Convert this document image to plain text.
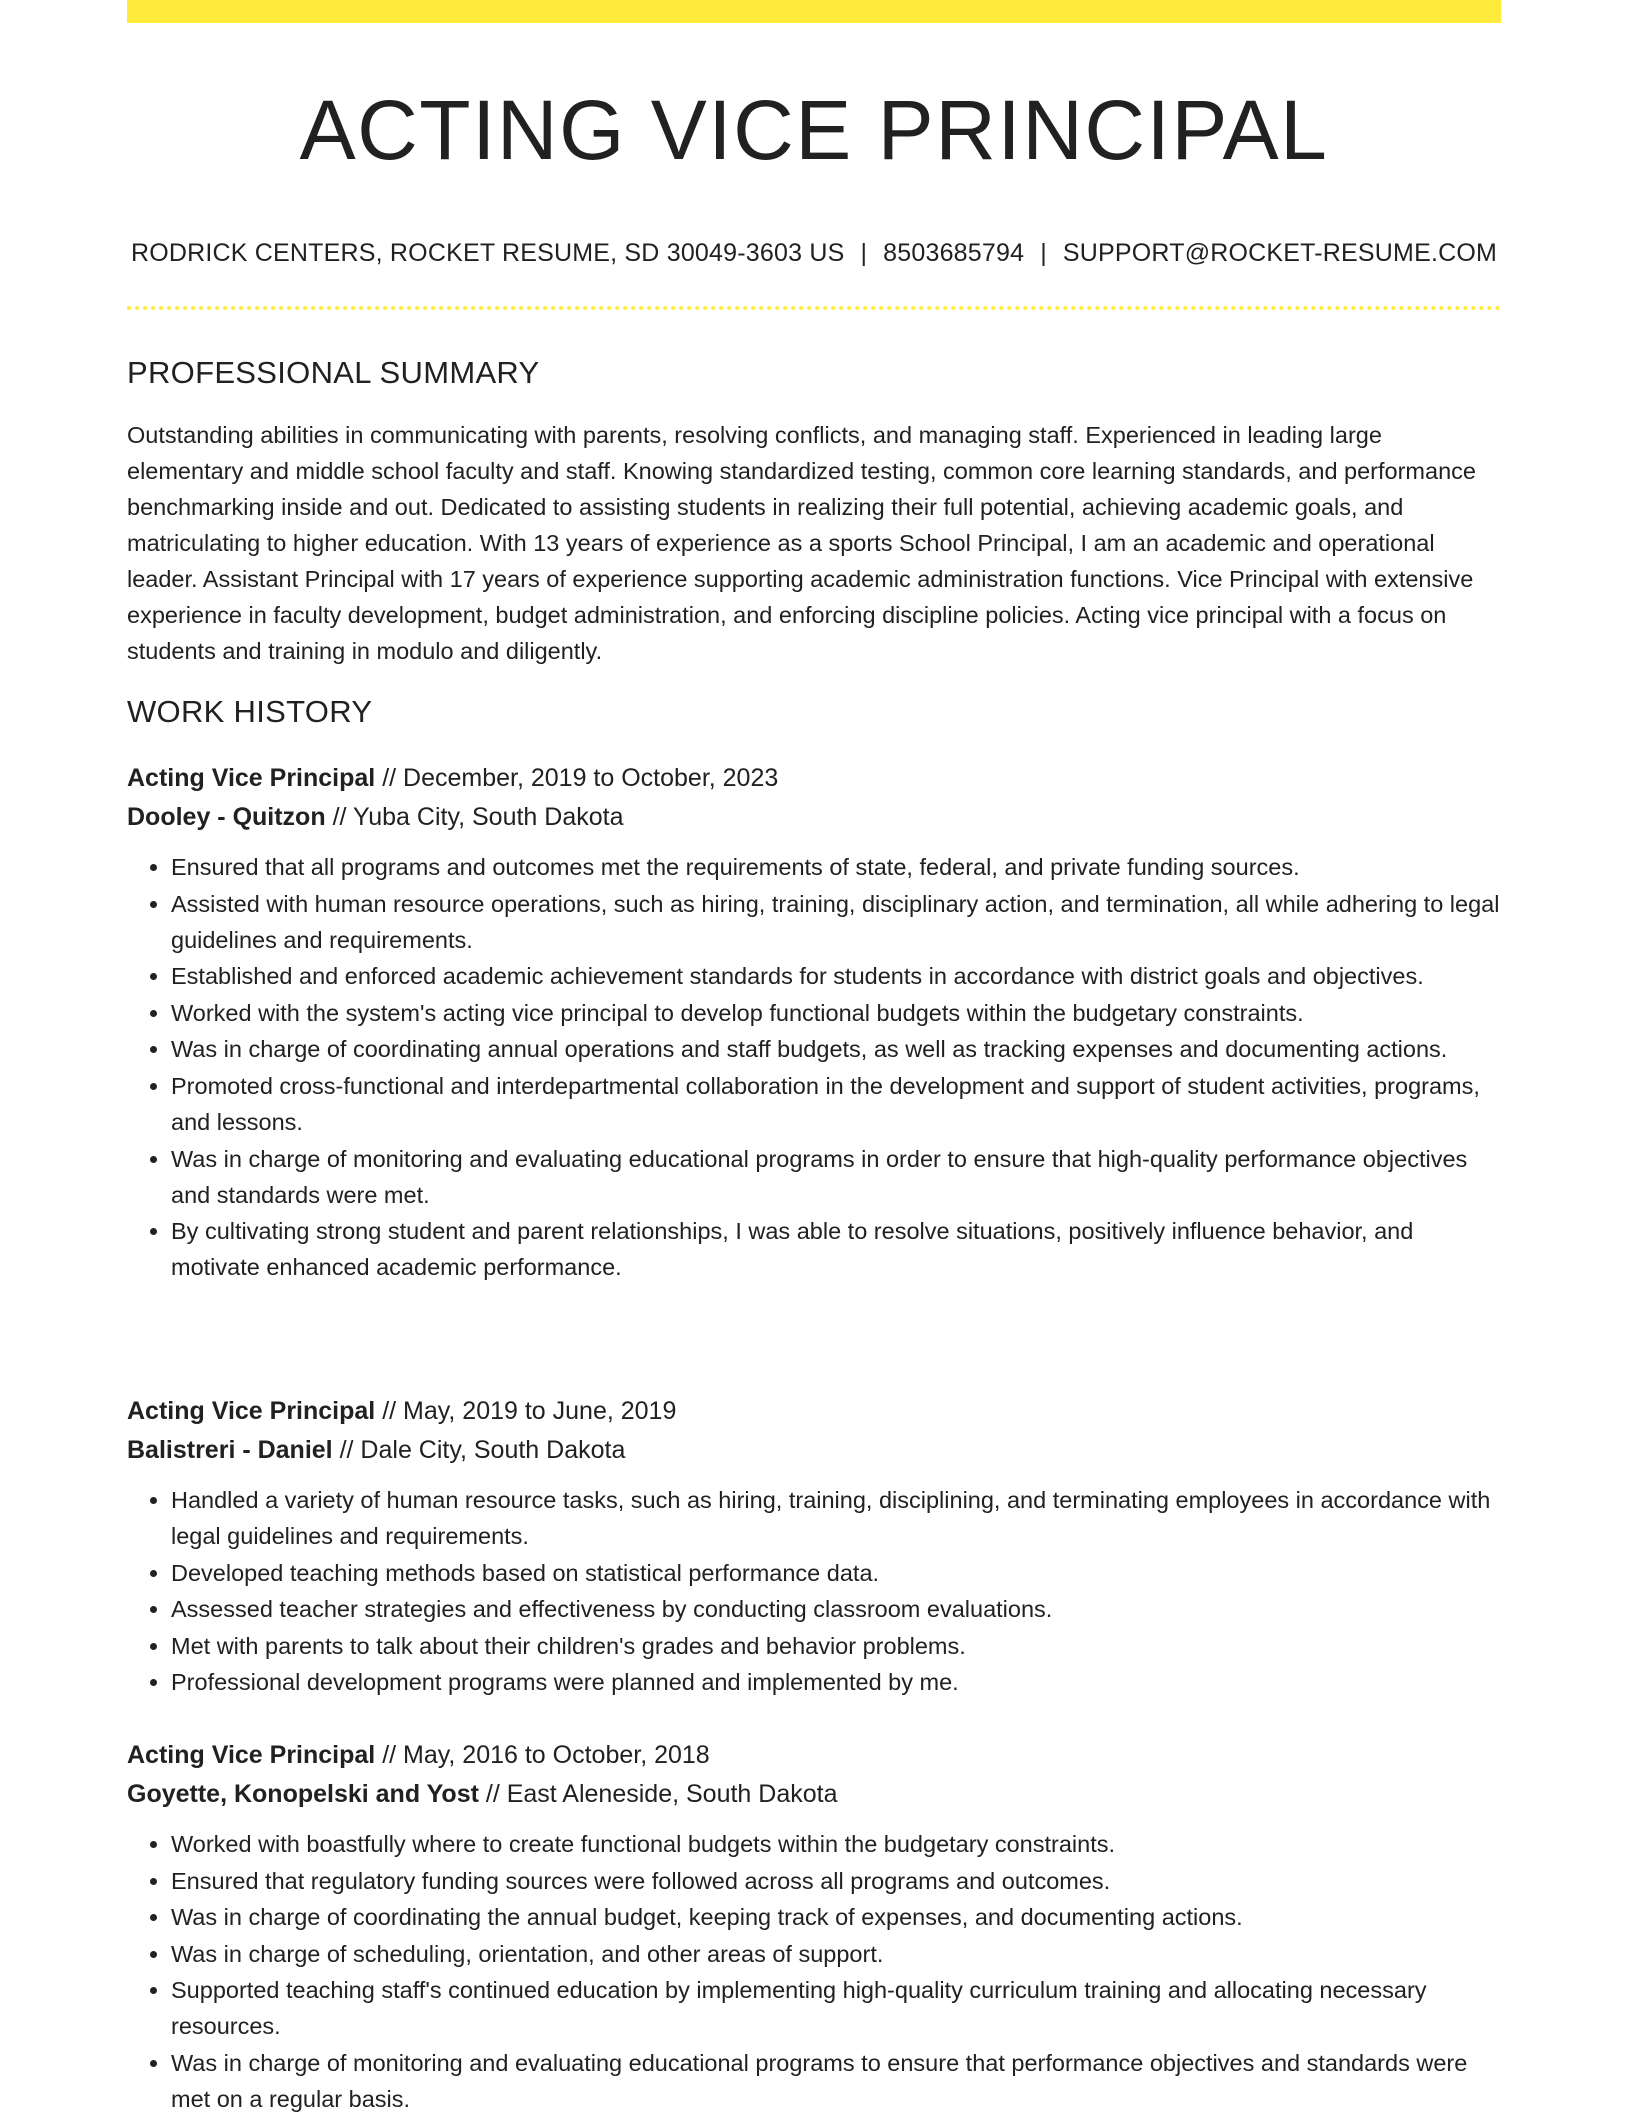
ACTING VICE PRINCIPAL
RODRICK CENTERS, ROCKET RESUME, SD 30049-3603 US | 8503685794 | SUPPORT@ROCKET-RESUME.COM
PROFESSIONAL SUMMARY

Outstanding abilities in communicating with parents, resolving conflicts, and managing staff. Experienced in leading large elementary and middle school faculty and staff. Knowing standardized testing, common core learning standards, and performance benchmarking inside and out. Dedicated to assisting students in realizing their full potential, achieving academic goals, and matriculating to higher education. With 13 years of experience as a sports School Principal, I am an academic and operational leader. Assistant Principal with 17 years of experience supporting academic administration functions. Vice Principal with extensive experience in faculty development, budget administration, and enforcing discipline policies. Acting vice principal with a focus on students and training in modulo and diligently.

WORK HISTORY
Acting Vice Principal // December, 2019 to October, 2023
Dooley - Quitzon // Yuba City, South Dakota
• Ensured that all programs and outcomes met the requirements of state, federal, and private funding sources.
• Assisted with human resource operations, such as hiring, training, disciplinary action, and termination, all while adhering to legal guidelines and requirements.
• Established and enforced academic achievement standards for students in accordance with district goals and objectives.
• Worked with the system's acting vice principal to develop functional budgets within the budgetary constraints.
• Was in charge of coordinating annual operations and staff budgets, as well as tracking expenses and documenting actions.
• Promoted cross-functional and interdepartmental collaboration in the development and support of student activities, programs, and lessons.
• Was in charge of monitoring and evaluating educational programs in order to ensure that high-quality performance objectives and standards were met.
• By cultivating strong student and parent relationships, I was able to resolve situations, positively influence behavior, and motivate enhanced academic performance.
Acting Vice Principal // May, 2019 to June, 2019
Balistreri - Daniel // Dale City, South Dakota
• Handled a variety of human resource tasks, such as hiring, training, disciplining, and terminating employees in accordance with legal guidelines and requirements.
• Developed teaching methods based on statistical performance data.
• Assessed teacher strategies and effectiveness by conducting classroom evaluations.
• Met with parents to talk about their children's grades and behavior problems.
• Professional development programs were planned and implemented by me.
Acting Vice Principal // May, 2016 to October, 2018
Goyette, Konopelski and Yost // East Aleneside, South Dakota
• Worked with boastfully where to create functional budgets within the budgetary constraints.
• Ensured that regulatory funding sources were followed across all programs and outcomes.
• Was in charge of coordinating the annual budget, keeping track of expenses, and documenting actions.
• Was in charge of scheduling, orientation, and other areas of support.
• Supported teaching staff's continued education by implementing high-quality curriculum training and allocating necessary resources.
• Was in charge of monitoring and evaluating educational programs to ensure that performance objectives and standards were met on a regular basis.
